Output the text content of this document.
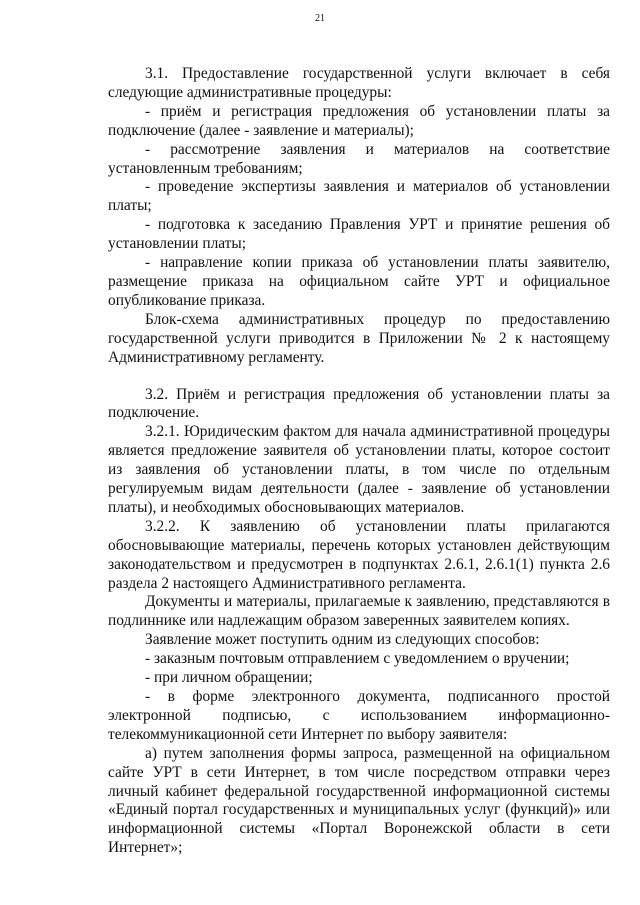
21

3.1. Предоставление государственной услуги включает в себя следующие административные процедуры:

- приём и регистрация предложения об установлении платы за подключение (далее - заявление и материалы);

- рассмотрение заявления и материалов на соответствие установленным требованиям;

- проведение экспертизы заявления и материалов об установлении платы;

- подготовка к заседанию Правления УРТ и принятие решения об установлении платы;

- направление копии приказа об установлении платы заявителю, размещение приказа на официальном сайте УРТ и официальное опубликование приказа.

Блок-схема административных процедур по предоставлению государственной услуги приводится в Приложении № 2 к настоящему Административному регламенту.

3.2. Приём и регистрация предложения об установлении платы за подключение.

3.2.1. Юридическим фактом для начала административной процедуры является предложение заявителя об установлении платы, которое состоит из заявления об установлении платы, в том числе по отдельным регулируемым видам деятельности (далее - заявление об установлении платы), и необходимых обосновывающих материалов.

3.2.2. К заявлению об установлении платы прилагаются обосновывающие материалы, перечень которых установлен действующим законодательством и предусмотрен в подпунктах 2.6.1, 2.6.1(1) пункта 2.6 раздела 2 настоящего Административного регламента.

Документы и материалы, прилагаемые к заявлению, представляются в подлиннике или надлежащим образом заверенных заявителем копиях.

Заявление может поступить одним из следующих способов:

- заказным почтовым отправлением с уведомлением о вручении;

- при личном обращении;

- в форме электронного документа, подписанного простой электронной подписью, с использованием информационно-телекоммуникационной сети Интернет по выбору заявителя:

а) путем заполнения формы запроса, размещенной на официальном сайте УРТ в сети Интернет, в том числе посредством отправки через личный кабинет федеральной государственной информационной системы «Единый портал государственных и муниципальных услуг (функций)» или информационной системы «Портал Воронежской области в сети Интернет»;
